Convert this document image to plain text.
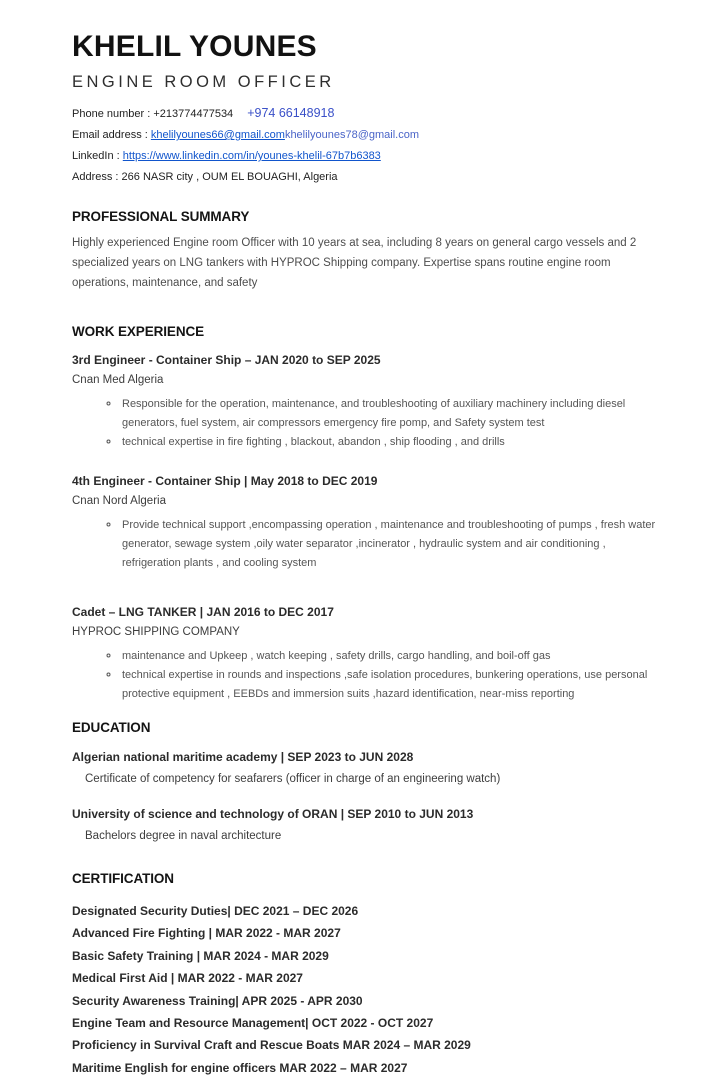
KHELIL YOUNES
ENGINE ROOM OFFICER
Phone number : +213774477534 +974 66148918
Email address : khelilyounes66@gmail.comkhelilyounes78@gmail.com
LinkedIn : https://www.linkedin.com/in/younes-khelil-67b7b6383
Address : 266 NASR city , OUM EL BOUAGHI, Algeria
PROFESSIONAL SUMMARY
Highly experienced Engine room Officer with 10 years at sea, including 8 years on general cargo vessels and 2 specialized years on LNG tankers with HYPROC Shipping company. Expertise spans routine engine room operations, maintenance, and safety
WORK EXPERIENCE
3rd Engineer - Container Ship – JAN 2020 to SEP 2025
Cnan Med Algeria
◦ Responsible for the operation, maintenance, and troubleshooting of auxiliary machinery including diesel generators, fuel system, air compressors emergency fire pomp, and Safety system test
◦ technical expertise in fire fighting , blackout, abandon , ship flooding , and drills
4th Engineer - Container Ship | May 2018 to DEC 2019
Cnan Nord Algeria
◦ Provide technical support ,encompassing operation , maintenance and troubleshooting of pumps , fresh water generator, sewage system ,oily water separator ,incinerator , hydraulic system and air conditioning , refrigeration plants , and cooling system
Cadet – LNG TANKER | JAN 2016 to DEC 2017
HYPROC SHIPPING COMPANY
◦ maintenance and Upkeep , watch keeping , safety drills, cargo handling, and boil-off gas
◦ technical expertise in rounds and inspections ,safe isolation procedures, bunkering operations, use personal protective equipment , EEBDs and immersion suits ,hazard identification, near-miss reporting
EDUCATION
Algerian national maritime academy | SEP 2023 to JUN 2028
Certificate of competency for seafarers (officer in charge of an engineering watch)
University of science and technology of ORAN | SEP 2010 to JUN 2013
Bachelors degree in naval architecture
CERTIFICATION
Designated Security Duties| DEC 2021 – DEC 2026
Advanced Fire Fighting | MAR 2022 - MAR 2027
Basic Safety Training | MAR 2024 - MAR 2029
Medical First Aid | MAR 2022 - MAR 2027
Security Awareness Training| APR 2025 - APR 2030
Engine Team and Resource Management| OCT 2022 - OCT 2027
Proficiency in Survival Craft and Rescue Boats MAR 2024 – MAR 2029
Maritime English for engine officers MAR 2022 – MAR 2027
